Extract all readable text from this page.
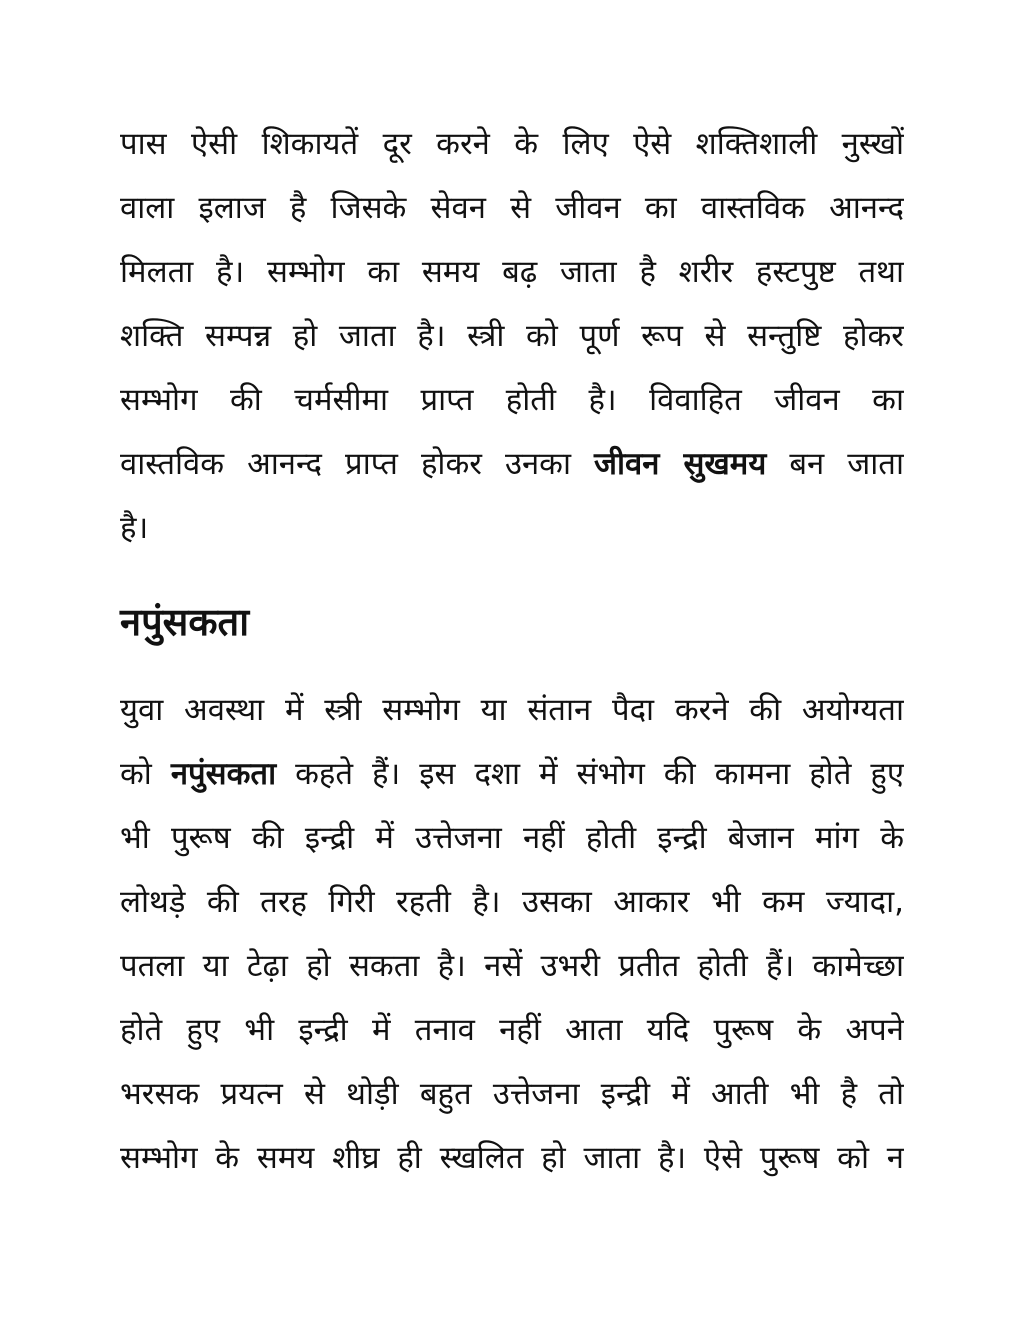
पास ऐसी शिकायतें दूर करने के लिए ऐसे शक्तिशाली नुस्खों
वाला इलाज है जिसके सेवन से जीवन का वास्तविक आनन्द
मिलता है। सम्भोग का समय बढ़ जाता है शरीर हस्टपुष्ट तथा
शक्ति सम्पन्न हो जाता है। स्त्री को पूर्ण रूप से सन्तुष्टि होकर
सम्भोग की चर्मसीमा प्राप्त होती है। विवाहित जीवन का
वास्तविक आनन्द प्राप्त होकर उनका जीवन सुखमय बन जाता
है।
नपुंसकता
युवा अवस्था में स्त्री सम्भोग या संतान पैदा करने की अयोग्यता
को नपुंसकता कहते हैं। इस दशा में संभोग की कामना होते हुए
भी पुरूष की इन्द्री में उत्तेजना नहीं होती इन्द्री बेजान मांग के
लोथड़े की तरह गिरी रहती है। उसका आकार भी कम ज्यादा,
पतला या टेढ़ा हो सकता है। नसें उभरी प्रतीत होती हैं। कामेच्छा
होते हुए भी इन्द्री में तनाव नहीं आता यदि पुरूष के अपने
भरसक प्रयत्न से थोड़ी बहुत उत्तेजना इन्द्री में आती भी है तो
सम्भोग के समय शीघ्र ही स्खलित हो जाता है। ऐसे पुरूष को न
